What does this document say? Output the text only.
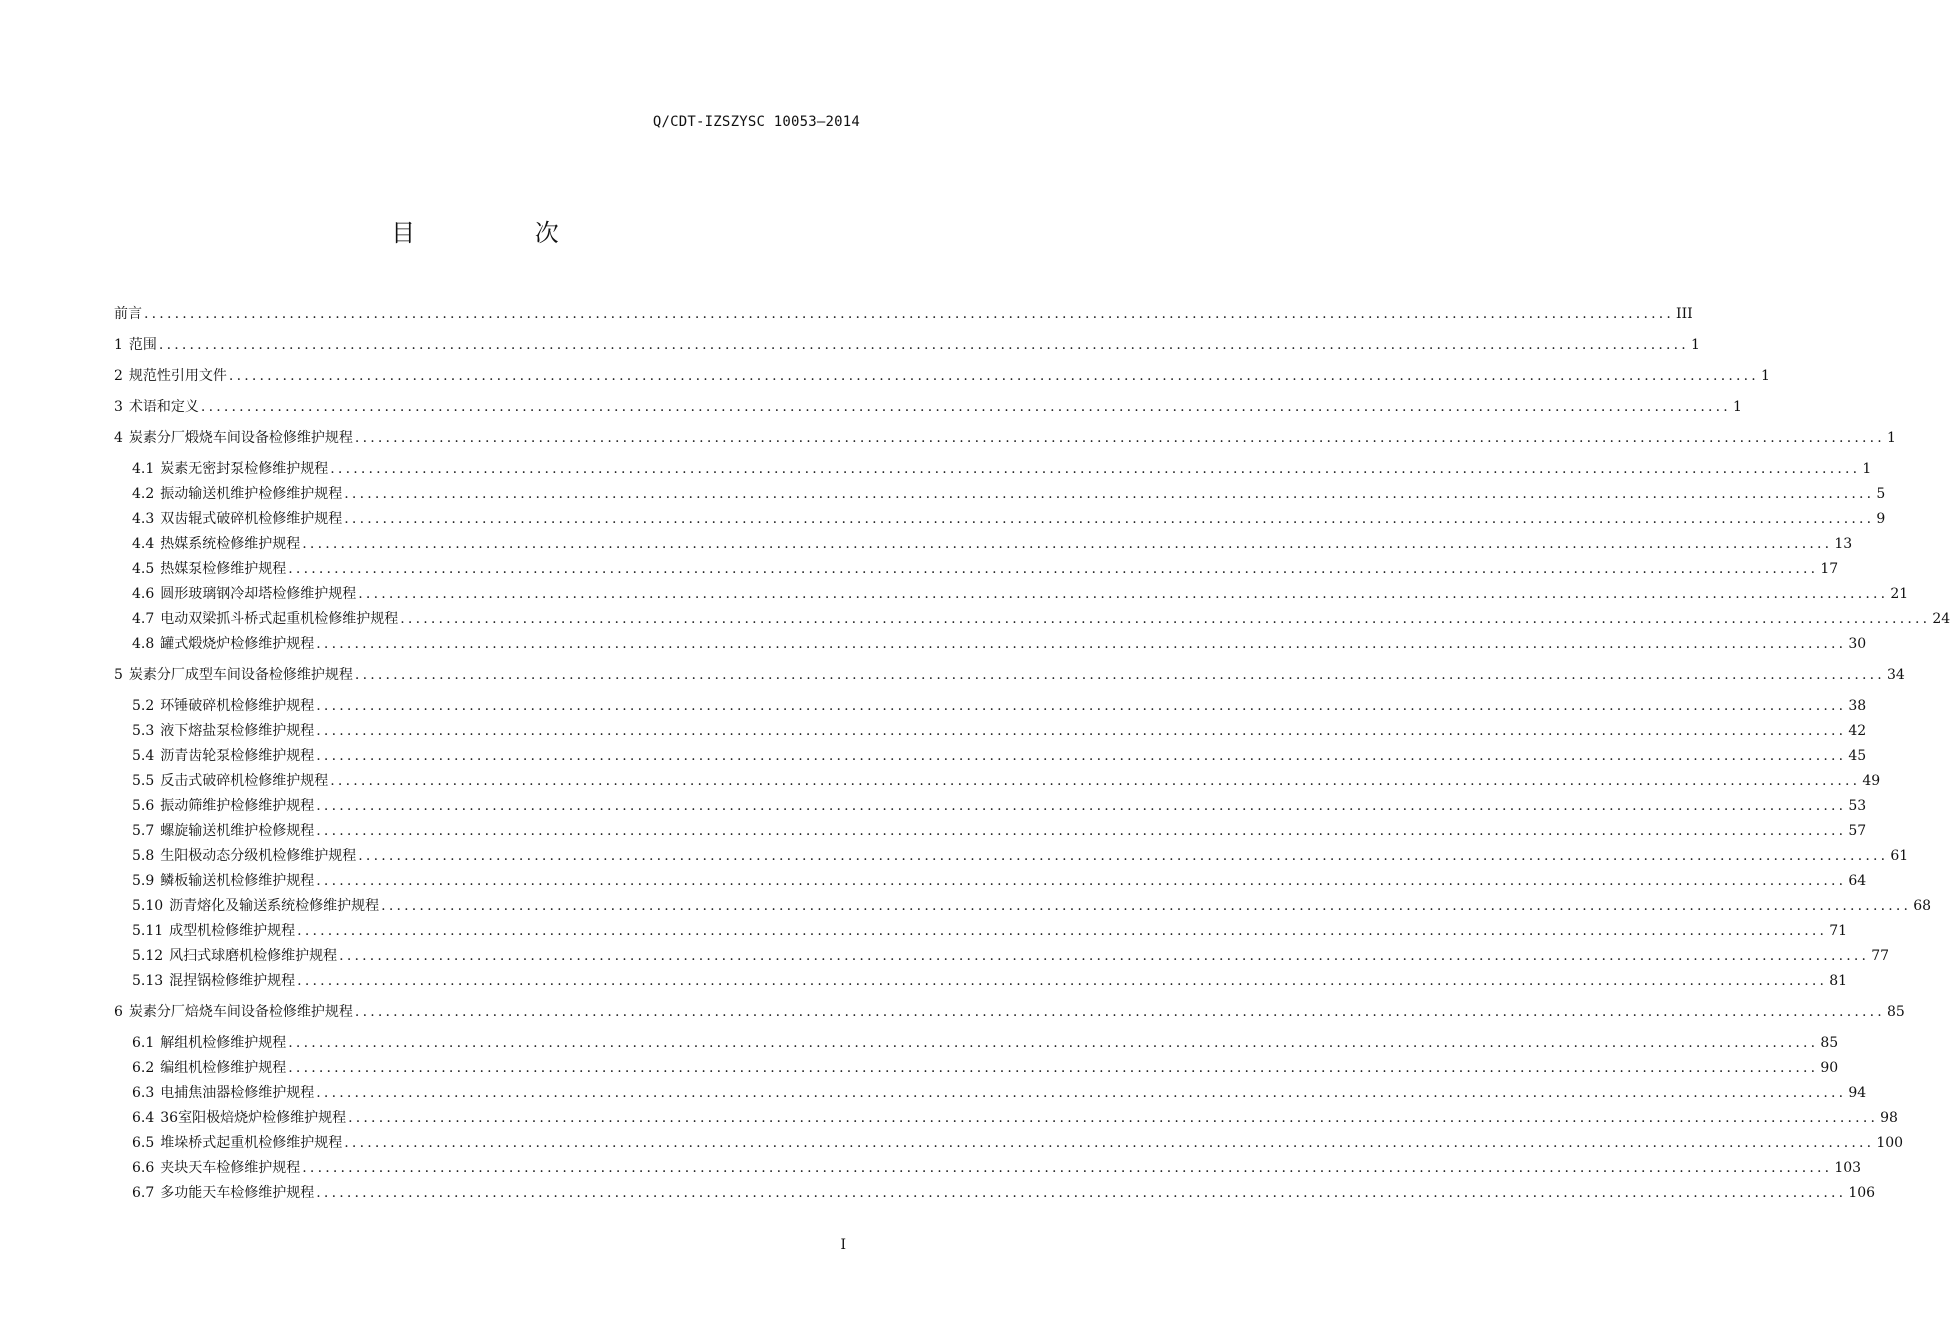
Q/CDT-IZSZYSC 10053—2014
目 次
前言 ........................................................................................................................................................................................................ III
1 范围 ........................................................................................................................................................................................................ 1
2 规范性引用文件 ........................................................................................................................................................................................................ 1
3 术语和定义 ........................................................................................................................................................................................................ 1
4 炭素分厂煅烧车间设备检修维护规程 ........................................................................................................................................................................................................ 1
4.1 炭素无密封泵检修维护规程 ........................................................................................................................................................................................................ 1
4.2 振动输送机维护检修维护规程 ........................................................................................................................................................................................................ 5
4.3 双齿辊式破碎机检修维护规程 ........................................................................................................................................................................................................ 9
4.4 热媒系统检修维护规程 ........................................................................................................................................................................................................ 13
4.5 热媒泵检修维护规程 ........................................................................................................................................................................................................ 17
4.6 圆形玻璃钢冷却塔检修维护规程 ........................................................................................................................................................................................................ 21
4.7 电动双梁抓斗桥式起重机检修维护规程 ........................................................................................................................................................................................................ 24
4.8 罐式煅烧炉检修维护规程 ........................................................................................................................................................................................................ 30
5 炭素分厂成型车间设备检修维护规程 ........................................................................................................................................................................................................ 34
5.2 环锤破碎机检修维护规程 ........................................................................................................................................................................................................ 38
5.3 液下熔盐泵检修维护规程 ........................................................................................................................................................................................................ 42
5.4 沥青齿轮泵检修维护规程 ........................................................................................................................................................................................................ 45
5.5 反击式破碎机检修维护规程 ........................................................................................................................................................................................................ 49
5.6 振动筛维护检修维护规程 ........................................................................................................................................................................................................ 53
5.7 螺旋输送机维护检修规程 ........................................................................................................................................................................................................ 57
5.8 生阳极动态分级机检修维护规程 ........................................................................................................................................................................................................ 61
5.9 鳞板输送机检修维护规程 ........................................................................................................................................................................................................ 64
5.10 沥青熔化及输送系统检修维护规程 ........................................................................................................................................................................................................ 68
5.11 成型机检修维护规程 ........................................................................................................................................................................................................ 71
5.12 风扫式球磨机检修维护规程 ........................................................................................................................................................................................................ 77
5.13 混捏锅检修维护规程 ........................................................................................................................................................................................................ 81
6 炭素分厂焙烧车间设备检修维护规程 ........................................................................................................................................................................................................ 85
6.1 解组机检修维护规程 ........................................................................................................................................................................................................ 85
6.2 编组机检修维护规程 ........................................................................................................................................................................................................ 90
6.3 电捕焦油器检修维护规程 ........................................................................................................................................................................................................ 94
6.4 36室阳极焙烧炉检修维护规程 ........................................................................................................................................................................................................ 98
6.5 堆垛桥式起重机检修维护规程 ........................................................................................................................................................................................................ 100
6.6 夹块天车检修维护规程 ........................................................................................................................................................................................................ 103
6.7 多功能天车检修维护规程 ........................................................................................................................................................................................................ 106
I
